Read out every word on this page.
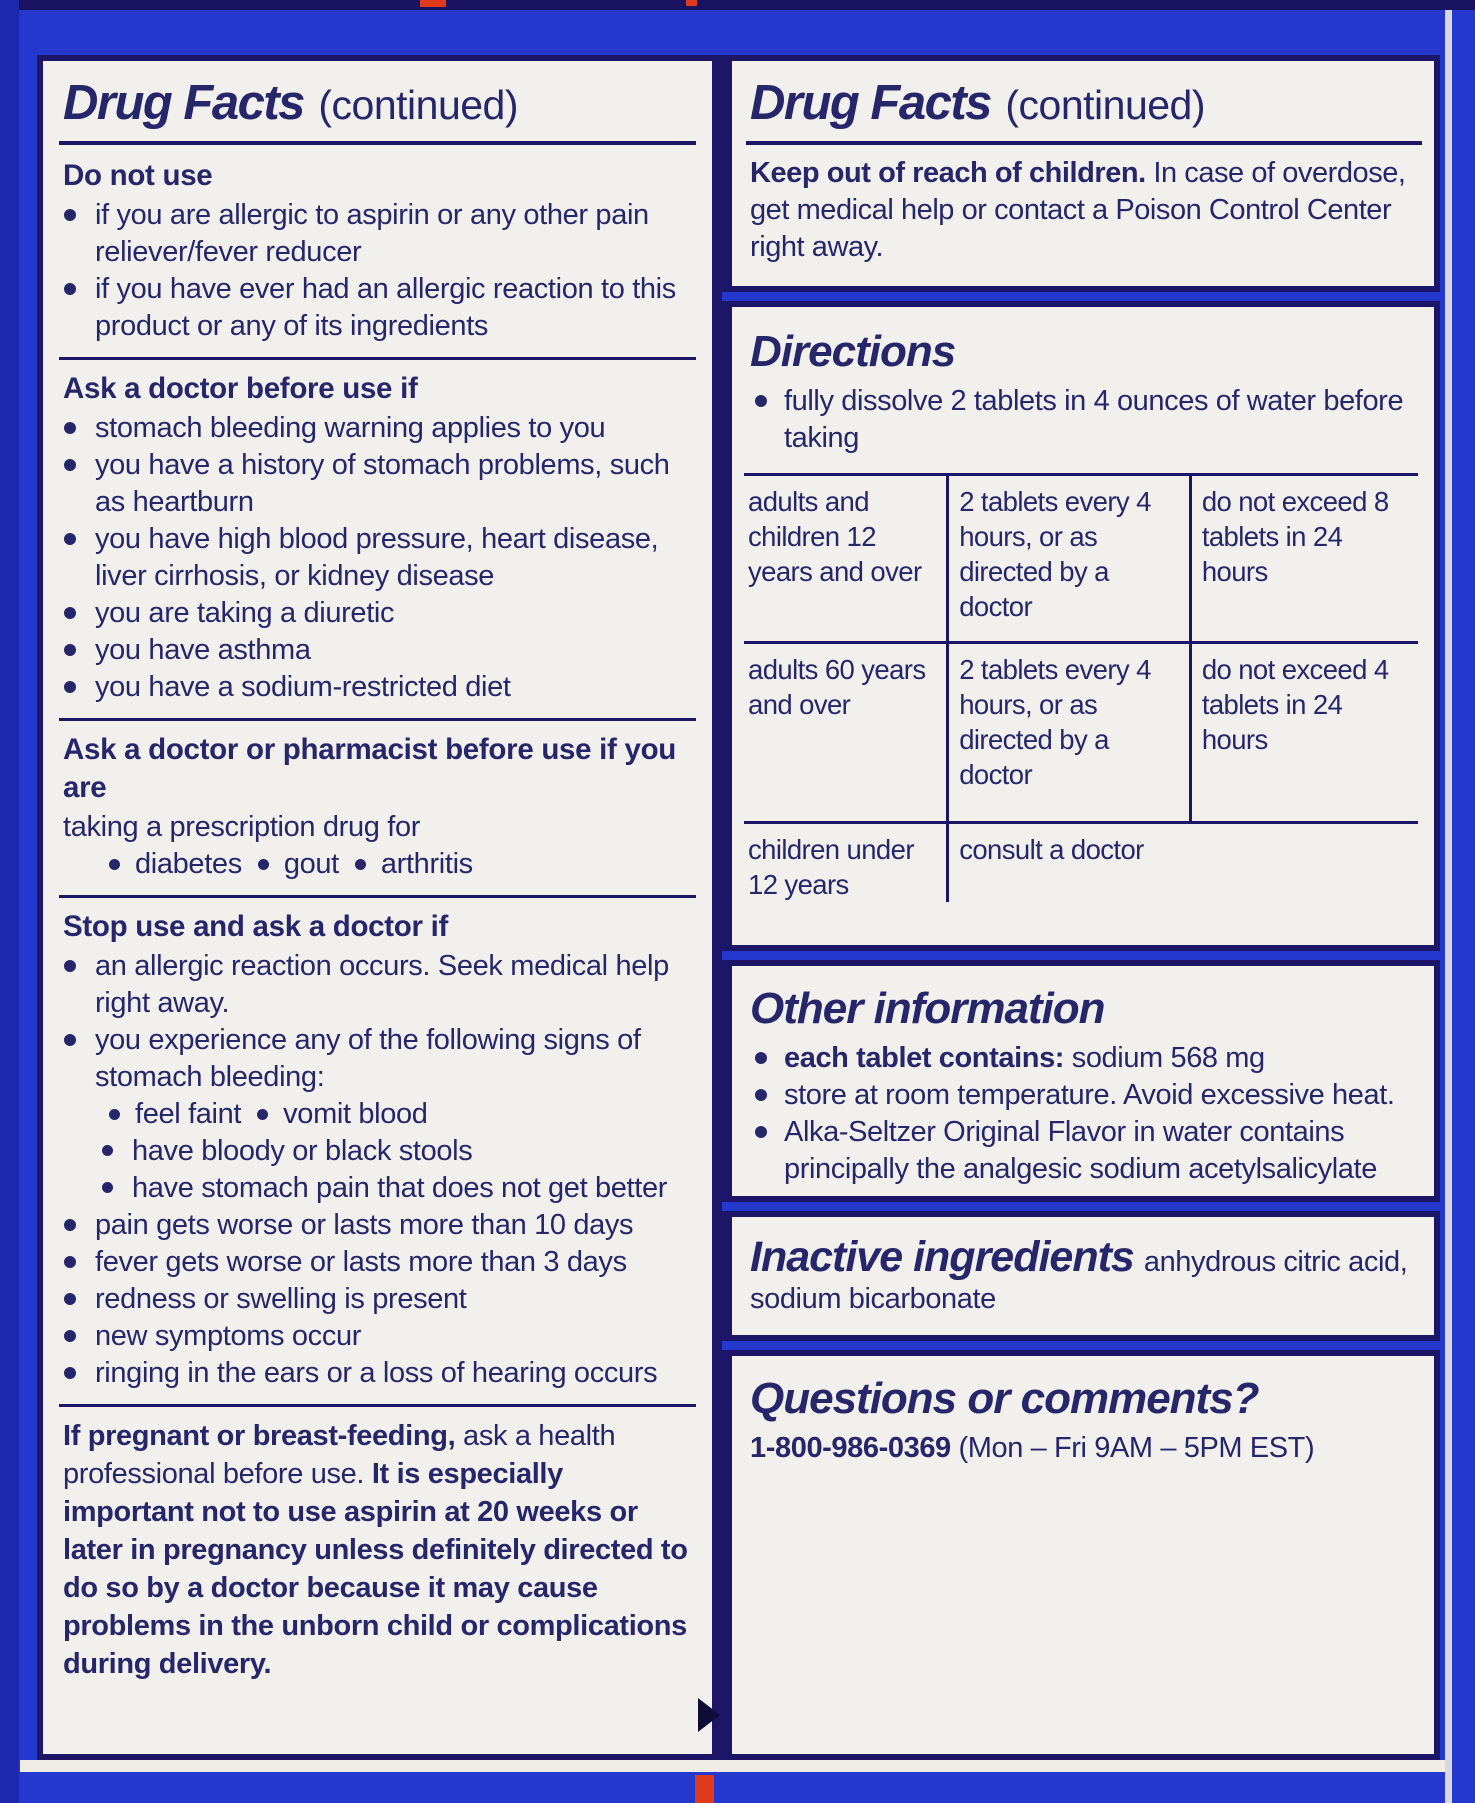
Drug Facts (continued)
Do not use
if you are allergic to aspirin or any other pain reliever/fever reducer
if you have ever had an allergic reaction to this product or any of its ingredients
Ask a doctor before use if
stomach bleeding warning applies to you
you have a history of stomach problems, such as heartburn
you have high blood pressure, heart disease, liver cirrhosis, or kidney disease
you are taking a diuretic
you have asthma
you have a sodium-restricted diet
Ask a doctor or pharmacist before use if you are
taking a prescription drug for
diabetes gout arthritis
Stop use and ask a doctor if
an allergic reaction occurs. Seek medical help right away.
you experience any of the following signs of stomach bleeding:
feel faint vomit blood
have bloody or black stools
have stomach pain that does not get better
pain gets worse or lasts more than 10 days
fever gets worse or lasts more than 3 days
redness or swelling is present
new symptoms occur
ringing in the ears or a loss of hearing occurs

If pregnant or breast-feeding, ask a health professional before use. It is especially important not to use aspirin at 20 weeks or later in pregnancy unless definitely directed to do so by a doctor because it may cause problems in the unborn child or complications during delivery.

Drug Facts (continued)

Keep out of reach of children. In case of overdose, get medical help or contact a Poison Control Center right away.

Directions
fully dissolve 2 tablets in 4 ounces of water before taking
adults and children 12 years and over
2 tablets every 4 hours, or as directed by a doctor
do not exceed 8 tablets in 24 hours
adults 60 years and over
2 tablets every 4 hours, or as directed by a doctor
do not exceed 4 tablets in 24 hours
children under 12 years
consult a doctor
Other information
each tablet contains: sodium 568 mg
store at room temperature. Avoid excessive heat.
Alka-Seltzer Original Flavor in water contains principally the analgesic sodium acetylsalicylate

Inactive ingredients anhydrous citric acid, sodium bicarbonate

Questions or comments?

1-800-986-0369 (Mon – Fri 9AM – 5PM EST)
